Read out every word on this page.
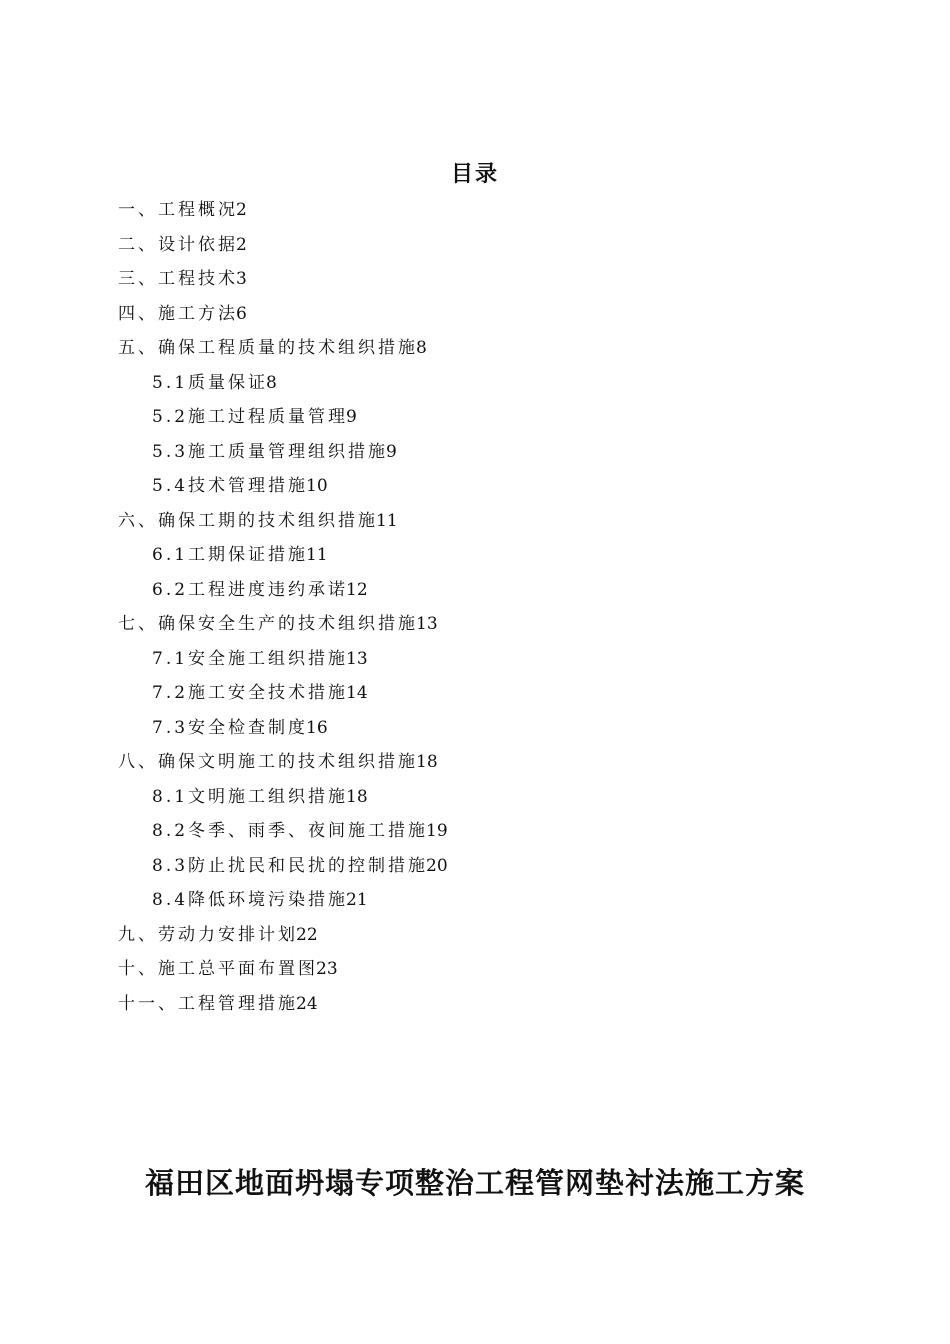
目录
一、工程概况2
二、设计依据2
三、工程技术3
四、施工方法6
五、确保工程质量的技术组织措施8
5.1质量保证8
5.2施工过程质量管理9
5.3施工质量管理组织措施9
5.4技术管理措施10
六、确保工期的技术组织措施11
6.1工期保证措施11
6.2工程进度违约承诺12
七、确保安全生产的技术组织措施13
7.1安全施工组织措施13
7.2施工安全技术措施14
7.3安全检查制度16
八、确保文明施工的技术组织措施18
8.1文明施工组织措施18
8.2冬季、雨季、夜间施工措施19
8.3防止扰民和民扰的控制措施20
8.4降低环境污染措施21
九、劳动力安排计划22
十、施工总平面布置图23
十一、工程管理措施24
福田区地面坍塌专项整治工程管网垫衬法施工方案
